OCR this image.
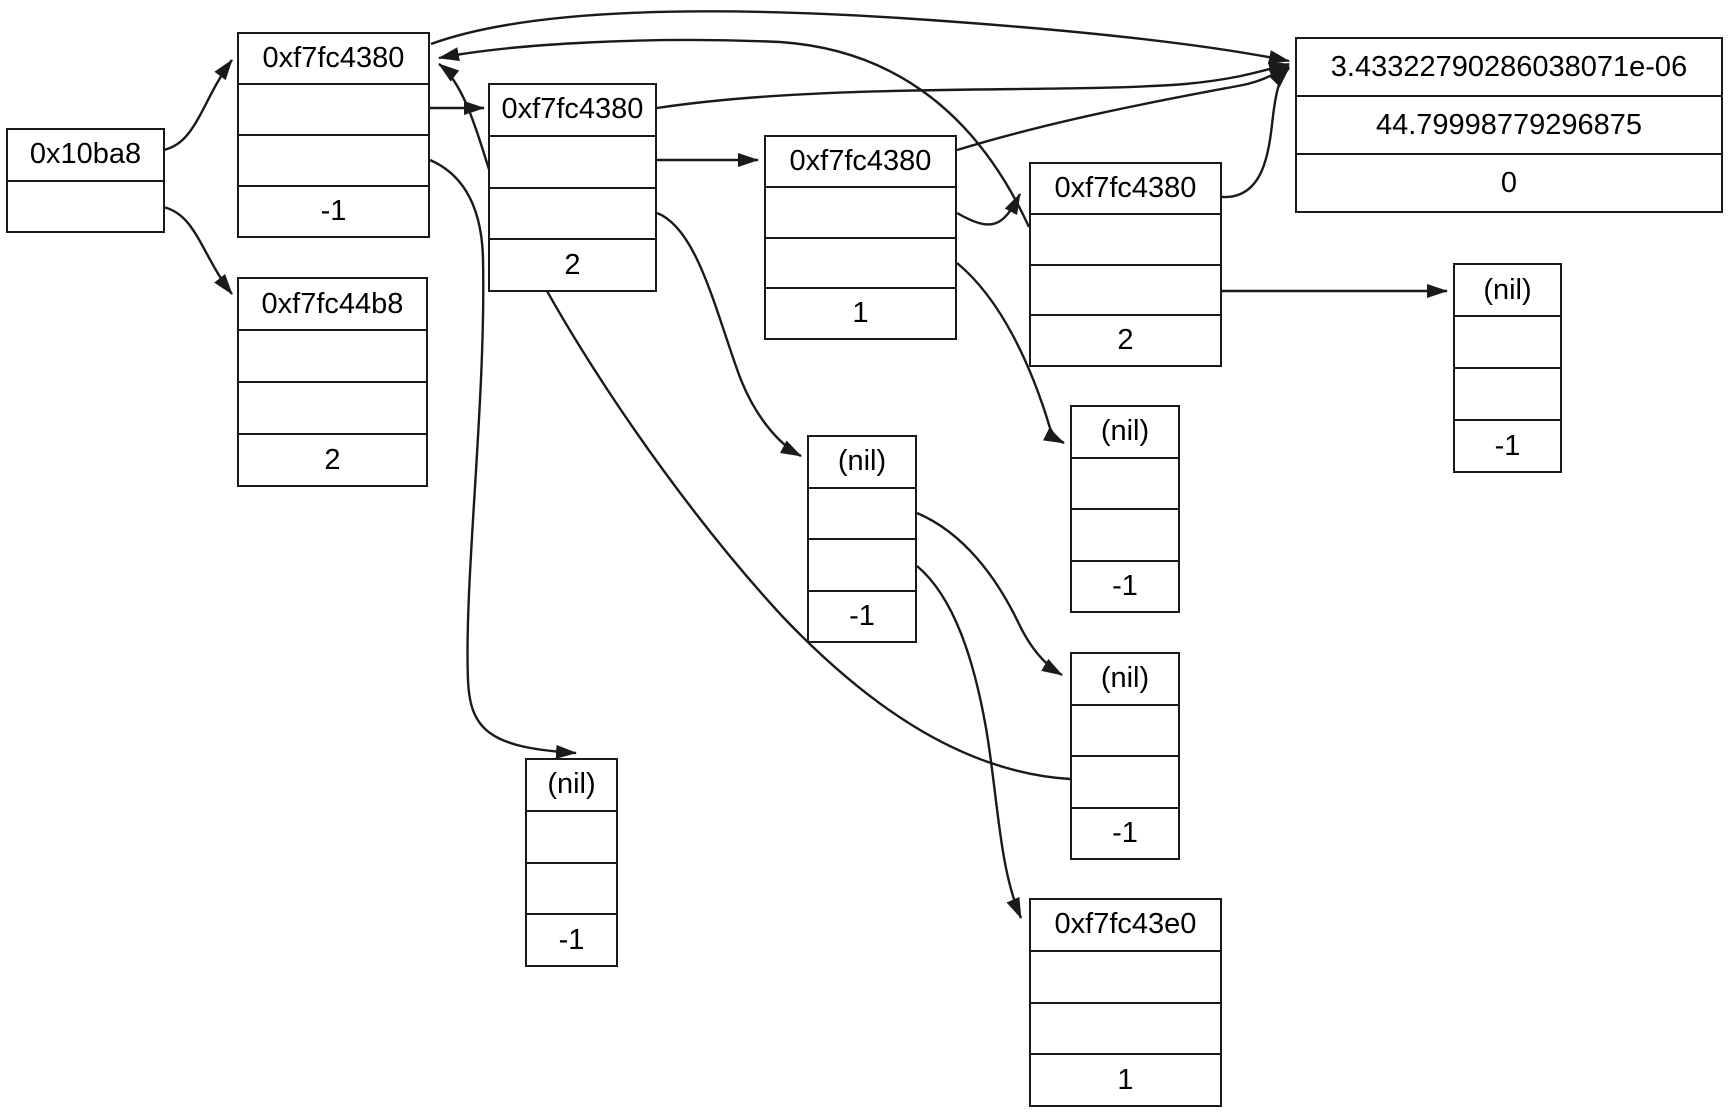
0x10ba8
0xf7fc4380
-1
0xf7fc44b8
2
0xf7fc4380
2
0xf7fc4380
1
0xf7fc4380
2
3.43322790286038071e-06
44.79998779296875
0
(nil)
-1
(nil)
-1
(nil)
-1
(nil)
-1
(nil)
-1	0xf7fc43e0
1
